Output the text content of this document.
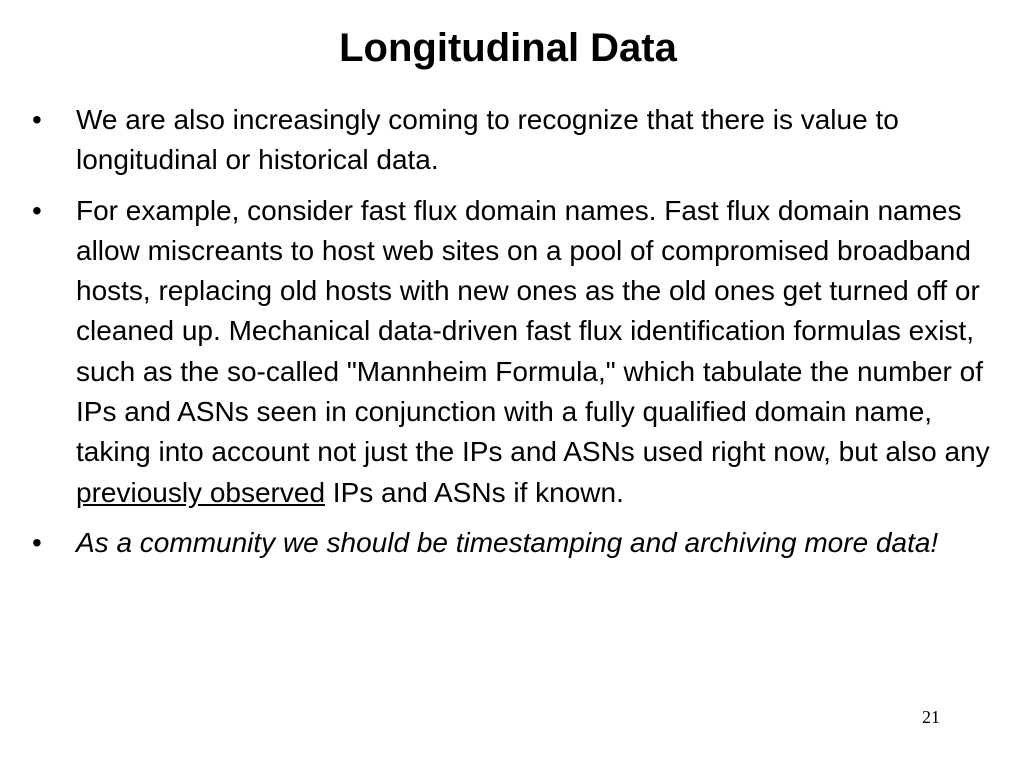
Longitudinal Data
•	We are also increasingly coming to recognize that there is value to longitudinal or historical data.
•	For example, consider fast flux domain names. Fast flux domain names allow miscreants to host web sites on a pool of compromised broadband hosts, replacing old hosts with new ones as the old ones get turned off or cleaned up. Mechanical data-driven fast flux identification formulas exist, such as the so-called "Mannheim Formula," which tabulate the number of IPs and ASNs seen in conjunction with a fully qualified domain name, taking into account not just the IPs and ASNs used right now, but also any previously observed IPs and ASNs if known.
•	As a community we should be timestamping and archiving more data!
21
